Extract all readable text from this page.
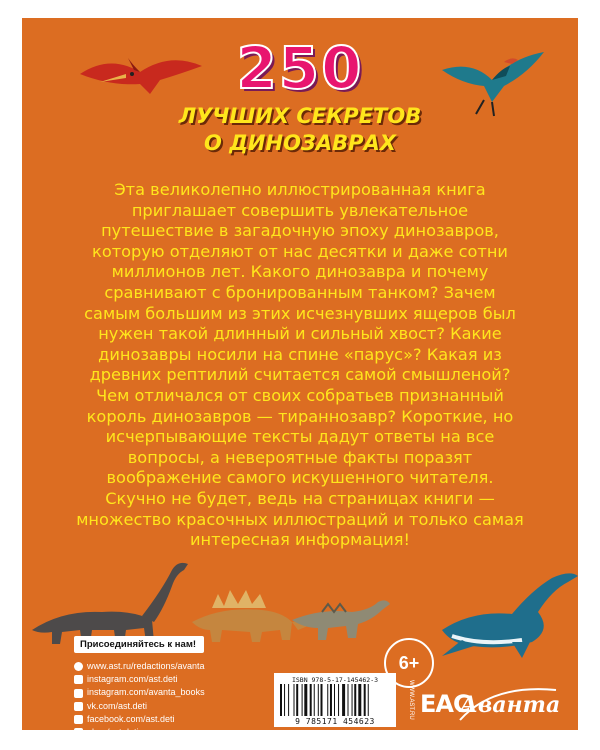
250
ЛУЧШИХ СЕКРЕТОВ
О ДИНОЗАВРАХ
Эта великолепно иллюстрированная книга приглашает совершить увлекательное путешествие в загадочную эпоху динозавров, которую отделяют от нас десятки и даже сотни миллионов лет. Какого динозавра и почему сравнивают с бронированным танком? Зачем самым большим из этих исчезнувших ящеров был нужен такой длинный и сильный хвост? Какие динозавры носили на спине «парус»? Какая из древних рептилий считается самой смышленой? Чем отличался от своих собратьев признанный король динозавров — тираннозавр? Короткие, но исчерпывающие тексты дадут ответы на все вопросы, а невероятные факты поразят воображение самого искушенного читателя. Скучно не будет, ведь на страницах книги — множество красочных иллюстраций и только самая интересная информация!
Присоединяйтесь к нам!
www.ast.ru/redactions/avanta
instagram.com/ast.deti
instagram.com/avanta_books
vk.com/ast.deti
facebook.com/ast.deti
ok.ru/ast.deti
6+
ISBN 978-5-17-145462-3
9 785171 454623
WWW.AST.RU EAC
Аванта
